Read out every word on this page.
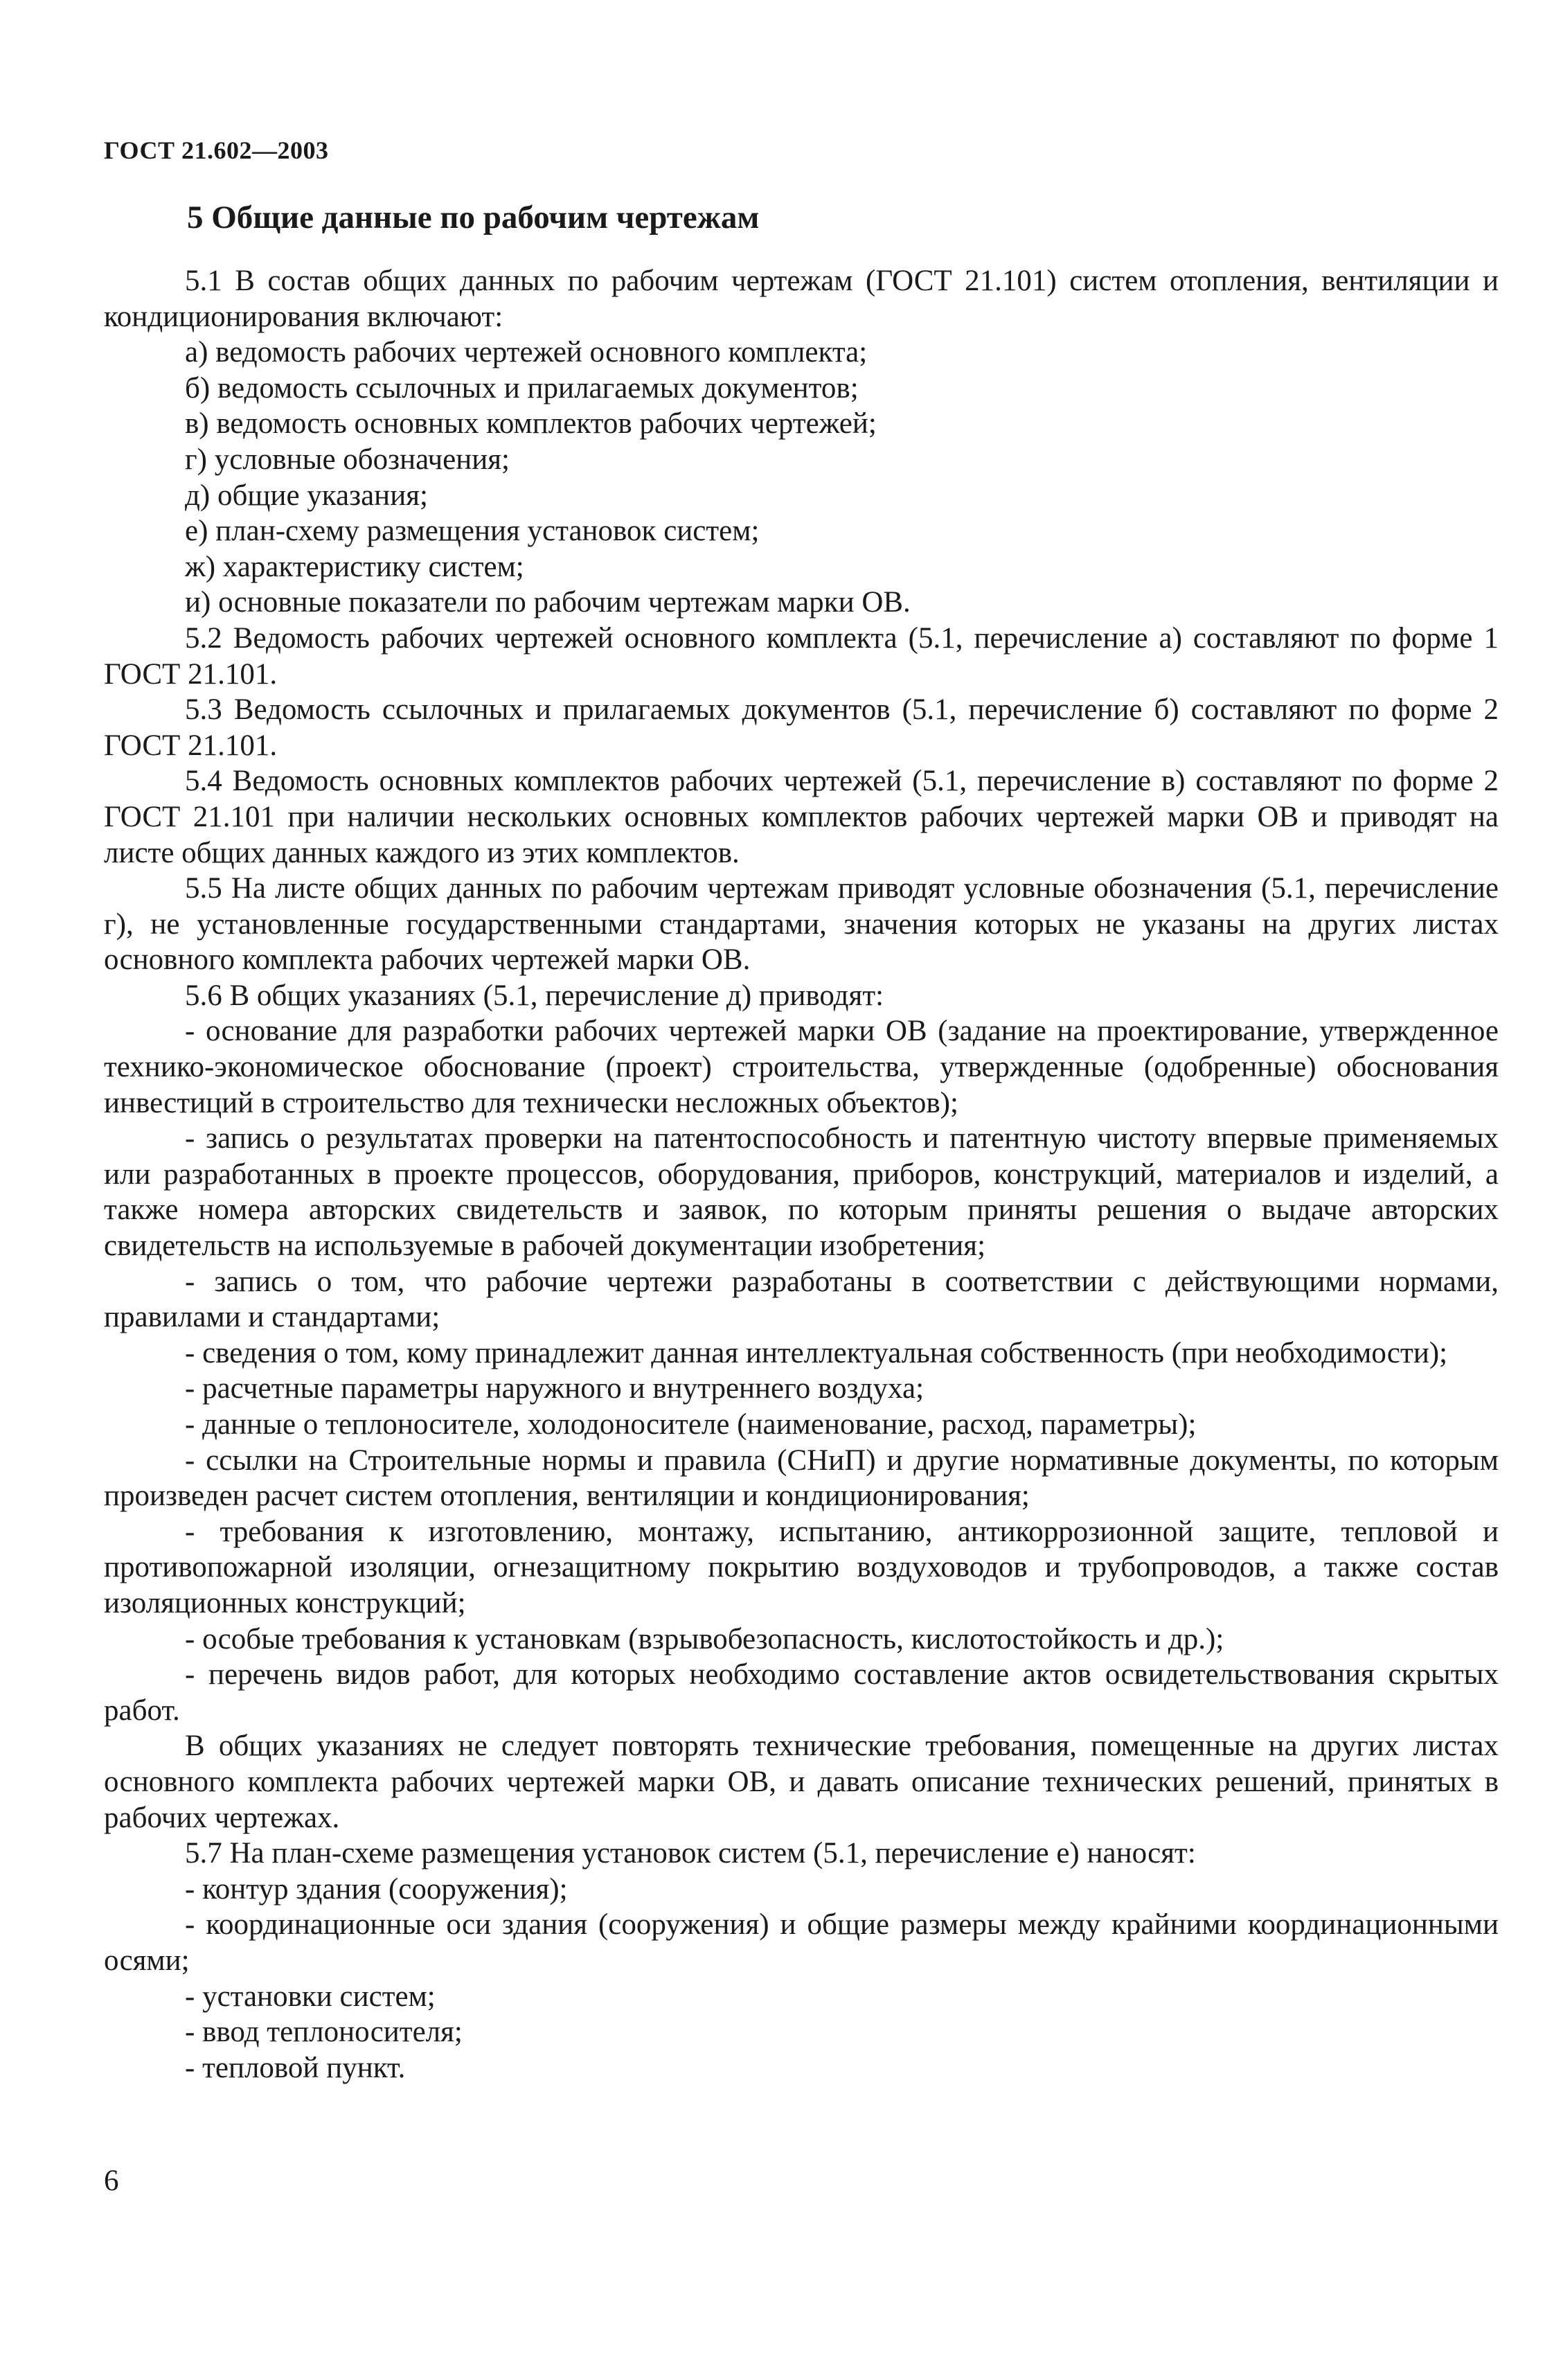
ГОСТ 21.602—2003
5 Общие данные по рабочим чертежам

5.1 В состав общих данных по рабочим чертежам (ГОСТ 21.101) систем отопления, вентиляции и кондиционирования включают:

а) ведомость рабочих чертежей основного комплекта;

б) ведомость ссылочных и прилагаемых документов;

в) ведомость основных комплектов рабочих чертежей;

г) условные обозначения;

д) общие указания;

е) план-схему размещения установок систем;

ж) характеристику систем;

и) основные показатели по рабочим чертежам марки ОВ.

5.2 Ведомость рабочих чертежей основного комплекта (5.1, перечисление а) составляют по форме 1 ГОСТ 21.101.

5.3 Ведомость ссылочных и прилагаемых документов (5.1, перечисление б) составляют по форме 2 ГОСТ 21.101.

5.4 Ведомость основных комплектов рабочих чертежей (5.1, перечисление в) составляют по форме 2 ГОСТ 21.101 при наличии нескольких основных комплектов рабочих чертежей марки ОВ и приводят на листе общих данных каждого из этих комплектов.

5.5 На листе общих данных по рабочим чертежам приводят условные обозначения (5.1, перечисление г), не установленные государственными стандартами, значения которых не указаны на других листах основного комплекта рабочих чертежей марки ОВ.

5.6 В общих указаниях (5.1, перечисление д) приводят:

- основание для разработки рабочих чертежей марки ОВ (задание на проектирование, утвержденное технико-экономическое обоснование (проект) строительства, утвержденные (одобренные) обоснования инвестиций в строительство для технически несложных объектов);

- запись о результатах проверки на патентоспособность и патентную чистоту впервые применяемых или разработанных в проекте процессов, оборудования, приборов, конструкций, материалов и изделий, а также номера авторских свидетельств и заявок, по которым приняты решения о выдаче авторских свидетельств на используемые в рабочей документации изобретения;

- запись о том, что рабочие чертежи разработаны в соответствии с действующими нормами, правилами и стандартами;

- сведения о том, кому принадлежит данная интеллектуальная собственность (при необходимости);

- расчетные параметры наружного и внутреннего воздуха;

- данные о теплоносителе, холодоносителе (наименование, расход, параметры);

- ссылки на Строительные нормы и правила (СНиП) и другие нормативные документы, по которым произведен расчет систем отопления, вентиляции и кондиционирования;

- требования к изготовлению, монтажу, испытанию, антикоррозионной защите, тепловой и противопожарной изоляции, огнезащитному покрытию воздуховодов и трубопроводов, а также состав изоляционных конструкций;

- особые требования к установкам (взрывобезопасность, кислотостойкость и др.);

- перечень видов работ, для которых необходимо составление актов освидетельствования скрытых работ.

В общих указаниях не следует повторять технические требования, помещенные на других листах основного комплекта рабочих чертежей марки ОВ, и давать описание технических решений, принятых в рабочих чертежах.

5.7 На план-схеме размещения установок систем (5.1, перечисление е) наносят:

- контур здания (сооружения);

- координационные оси здания (сооружения) и общие размеры между крайними координационными осями;

- установки систем;

- ввод теплоносителя;

- тепловой пункт.

6
